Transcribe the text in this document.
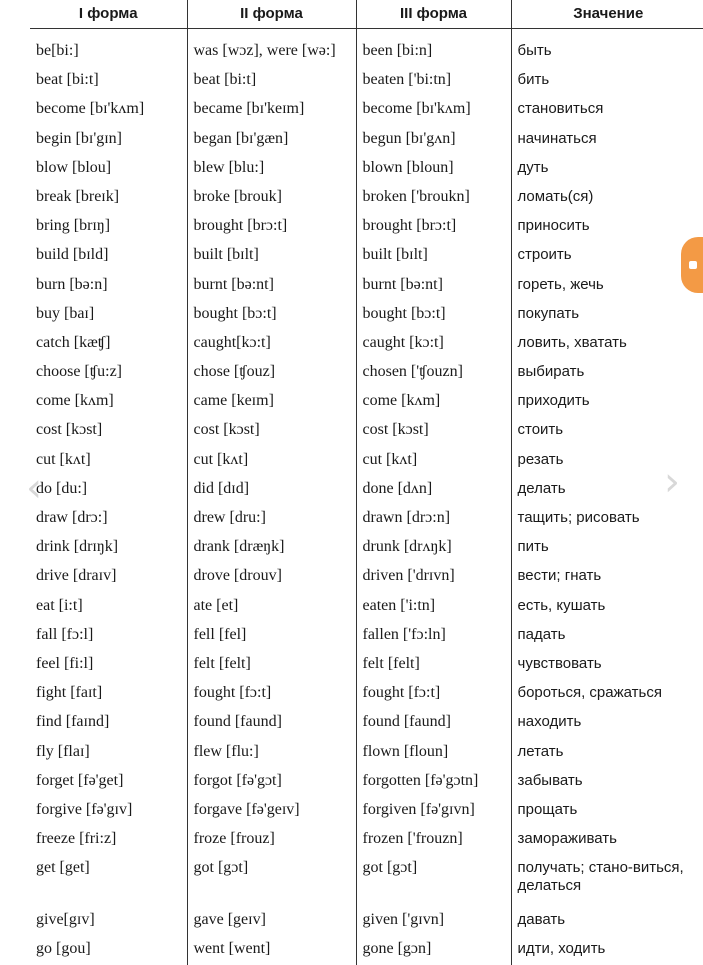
I форма	II форма	III форма	Значение

be[bi:]	was [wɔz], were [wə:]	been [bi:n]	быть
beat [bi:t]	beat [bi:t]	beaten ['bi:tn]	бить
become [bɪ'kʌm]	became [bɪ'keɪm]	become [bɪ'kʌm]	становиться
begin [bɪ'gɪn]	began [bɪ'gæn]	begun [bɪ'gʌn]	начинаться
blow [blou]	blew [blu:]	blown [bloun]	дуть
break [breɪk]	broke [brouk]	broken ['broukn]	ломать(ся)
bring [brɪŋ]	brought [brɔ:t]	brought [brɔ:t]	приносить
build [bɪld]	built [bɪlt]	built [bɪlt]	строить
burn [bə:n]	burnt [bə:nt]	burnt [bə:nt]	гореть, жечь
buy [baɪ]	bought [bɔ:t]	bought [bɔ:t]	покупать
catch [kæʧ]	caught[kɔ:t]	caught [kɔ:t]	ловить, хватать
choose [ʧu:z]	chose [ʧouz]	chosen ['ʧouzn]	выбирать
come [kʌm]	came [keɪm]	come [kʌm]	приходить
cost [kɔst]	cost [kɔst]	cost [kɔst]	стоить
cut [kʌt]	cut [kʌt]	cut [kʌt]	резать
do [du:]	did [dɪd]	done [dʌn]	делать
draw [drɔ:]	drew [dru:]	drawn [drɔ:n]	тащить; рисовать
drink [drɪŋk]	drank [dræŋk]	drunk [drʌŋk]	пить
drive [draɪv]	drove [drouv]	driven ['drɪvn]	вести; гнать
eat [i:t]	ate [et]	eaten ['i:tn]	есть, кушать
fall [fɔ:l]	fell [fel]	fallen ['fɔ:ln]	падать
feel [fi:l]	felt [felt]	felt [felt]	чувствовать
fight [faɪt]	fought [fɔ:t]	fought [fɔ:t]	бороться, сражаться
find [faɪnd]	found [faund]	found [faund]	находить
fly [flaɪ]	flew [flu:]	flown [floun]	летать
forget [fə'get]	forgot [fə'gɔt]	forgotten [fə'gɔtn]	забывать
forgive [fə'gɪv]	forgave [fə'geɪv]	forgiven [fə'gɪvn]	прощать
freeze [fri:z]	froze [frouz]	frozen ['frouzn]	замораживать
get [get]	got [gɔt]	got [gɔt]	получать; стано-виться, делаться
give[gɪv]	gave [geɪv]	given ['gɪvn]	давать
go [gou]	went [went]	gone [gɔn]	идти, ходить
‹	›
